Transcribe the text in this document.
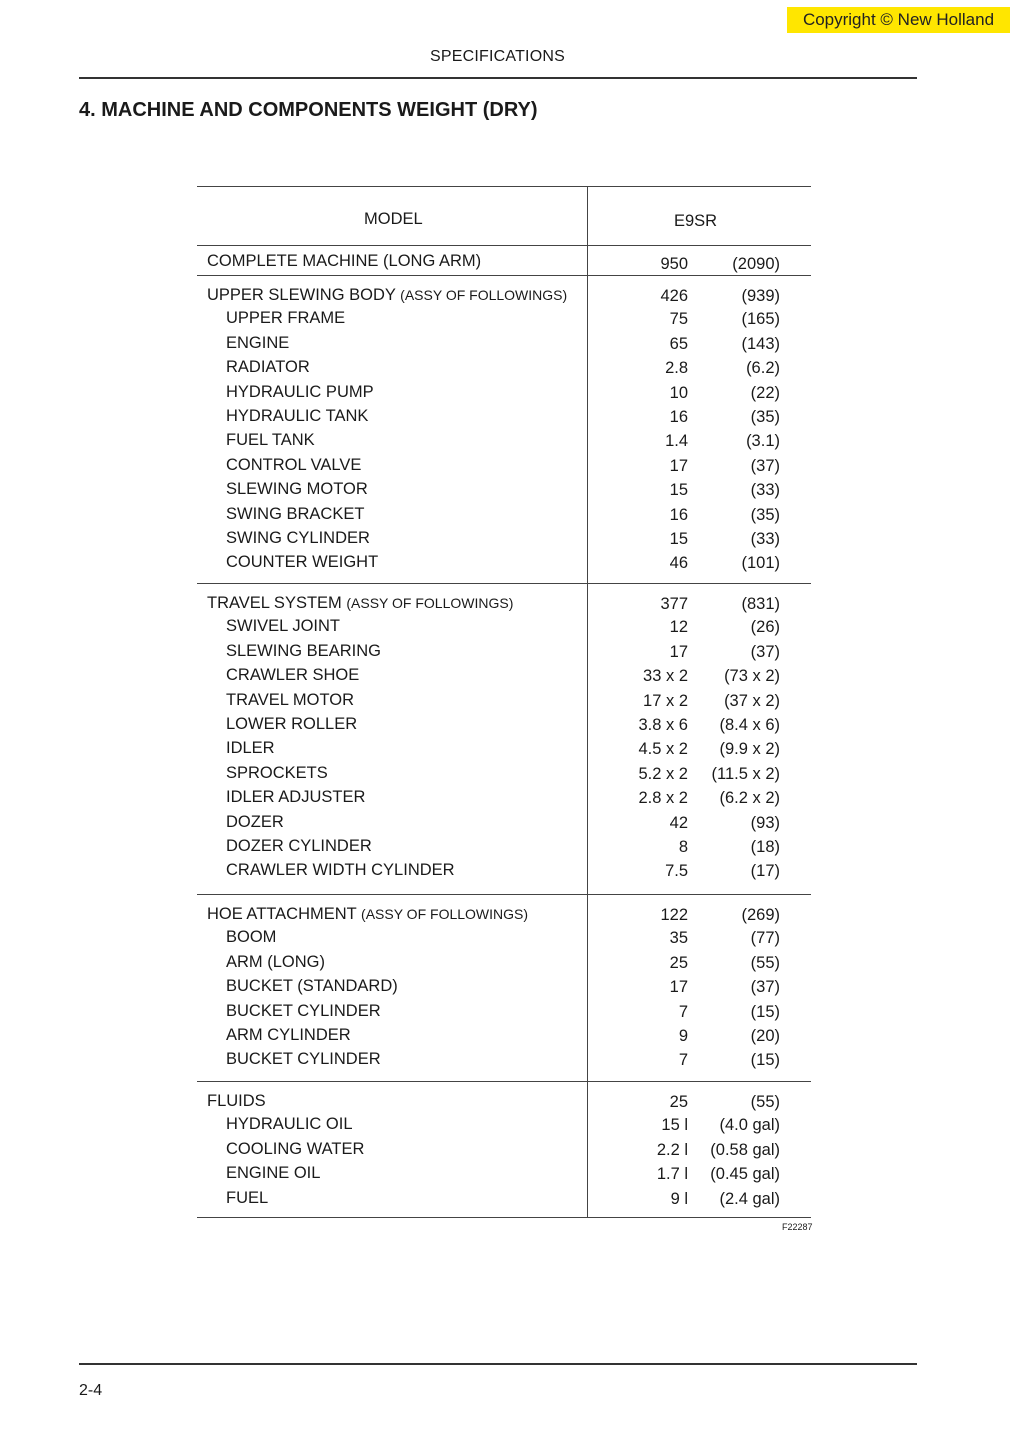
Copyright © New Holland
SPECIFICATIONS
4. MACHINE AND COMPONENTS WEIGHT (DRY)
MODEL	E9SR
COMPLETE MACHINE (LONG ARM)	950	(2090)
UPPER SLEWING BODY (ASSY OF FOLLOWINGS)	426	(939)
UPPER FRAME	75	(165)
ENGINE	65	(143)
RADIATOR	2.8	(6.2)
HYDRAULIC PUMP	10	(22)
HYDRAULIC TANK	16	(35)
FUEL TANK	1.4	(3.1)
CONTROL VALVE	17	(37)
SLEWING MOTOR	15	(33)
SWING BRACKET	16	(35)
SWING CYLINDER	15	(33)
COUNTER WEIGHT	46	(101)
TRAVEL SYSTEM (ASSY OF FOLLOWINGS)	377	(831)
SWIVEL JOINT	12	(26)
SLEWING BEARING	17	(37)
CRAWLER SHOE	33 x 2	(73 x 2)
TRAVEL MOTOR	17 x 2	(37 x 2)
LOWER ROLLER	3.8 x 6	(8.4 x 6)
IDLER	4.5 x 2	(9.9 x 2)
SPROCKETS	5.2 x 2	(11.5 x 2)
IDLER ADJUSTER	2.8 x 2	(6.2 x 2)
DOZER	42	(93)
DOZER CYLINDER	8	(18)
CRAWLER WIDTH CYLINDER	7.5	(17)
HOE ATTACHMENT (ASSY OF FOLLOWINGS)	122	(269)
BOOM	35	(77)
ARM (LONG)	25	(55)
BUCKET (STANDARD)	17	(37)
BUCKET CYLINDER	7	(15)
ARM CYLINDER	9	(20)
BUCKET CYLINDER	7	(15)
FLUIDS	25	(55)
HYDRAULIC OIL	15 l	(4.0 gal)
COOLING WATER	2.2 l	(0.58 gal)
ENGINE OIL	1.7 l	(0.45 gal)
FUEL	9 l	(2.4 gal)
F22287
2-4
